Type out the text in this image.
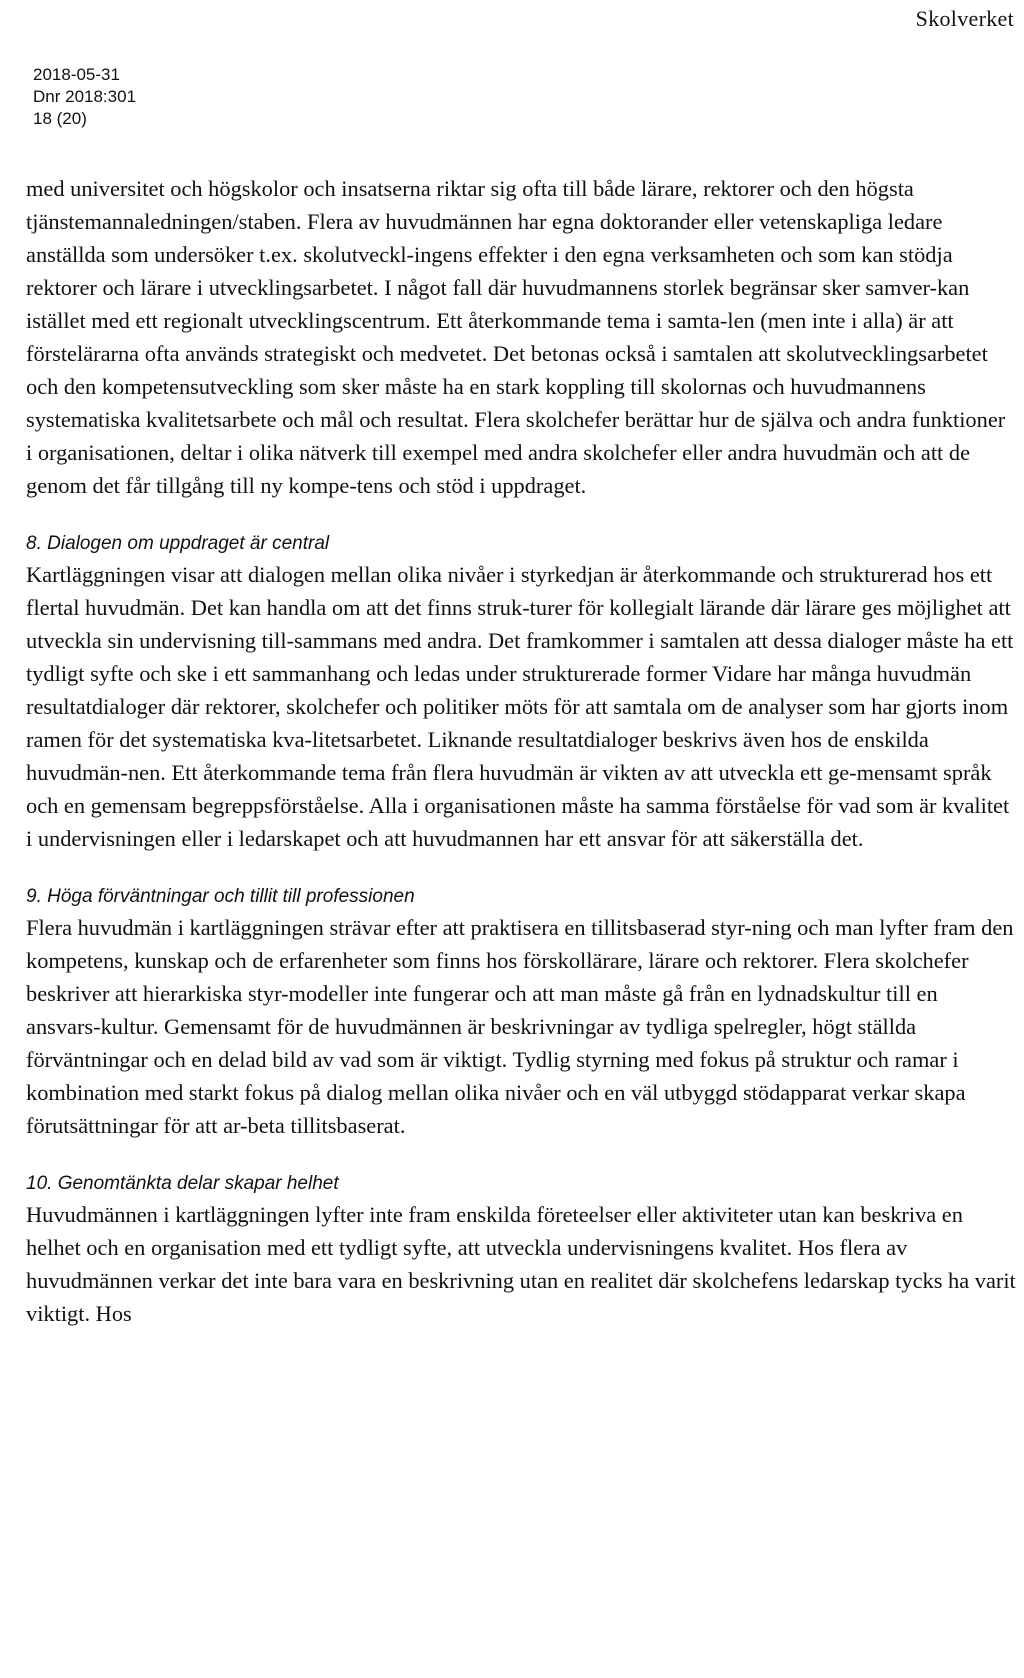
Skolverket
2018-05-31
Dnr 2018:301
18 (20)

med universitet och högskolor och insatserna riktar sig ofta till både lärare, rektorer och den högsta tjänstemannaledningen/staben. Flera av huvudmännen har egna doktorander eller vetenskapliga ledare anställda som undersöker t.ex. skolutveckl-ingens effekter i den egna verksamheten och som kan stödja rektorer och lärare i utvecklingsarbetet. I något fall där huvudmannens storlek begränsar sker samver-kan istället med ett regionalt utvecklingscentrum. Ett återkommande tema i samta-len (men inte i alla) är att förstelärarna ofta används strategiskt och medvetet. Det betonas också i samtalen att skolutvecklingsarbetet och den kompetensutveckling som sker måste ha en stark koppling till skolornas och huvudmannens systematiska kvalitetsarbete och mål och resultat. Flera skolchefer berättar hur de själva och andra funktioner i organisationen, deltar i olika nätverk till exempel med andra skolchefer eller andra huvudmän och att de genom det får tillgång till ny kompe-tens och stöd i uppdraget.

8. Dialogen om uppdraget är central

Kartläggningen visar att dialogen mellan olika nivåer i styrkedjan är återkommande och strukturerad hos ett flertal huvudmän. Det kan handla om att det finns struk-turer för kollegialt lärande där lärare ges möjlighet att utveckla sin undervisning till-sammans med andra. Det framkommer i samtalen att dessa dialoger måste ha ett tydligt syfte och ske i ett sammanhang och ledas under strukturerade former Vidare har många huvudmän resultatdialoger där rektorer, skolchefer och politiker möts för att samtala om de analyser som har gjorts inom ramen för det systematiska kva-litetsarbetet. Liknande resultatdialoger beskrivs även hos de enskilda huvudmän-nen. Ett återkommande tema från flera huvudmän är vikten av att utveckla ett ge-mensamt språk och en gemensam begreppsförståelse. Alla i organisationen måste ha samma förståelse för vad som är kvalitet i undervisningen eller i ledarskapet och att huvudmannen har ett ansvar för att säkerställa det.

9. Höga förväntningar och tillit till professionen

Flera huvudmän i kartläggningen strävar efter att praktisera en tillitsbaserad styr-ning och man lyfter fram den kompetens, kunskap och de erfarenheter som finns hos förskollärare, lärare och rektorer. Flera skolchefer beskriver att hierarkiska styr-modeller inte fungerar och att man måste gå från en lydnadskultur till en ansvars-kultur. Gemensamt för de huvudmännen är beskrivningar av tydliga spelregler, högt ställda förväntningar och en delad bild av vad som är viktigt. Tydlig styrning med fokus på struktur och ramar i kombination med starkt fokus på dialog mellan olika nivåer och en väl utbyggd stödapparat verkar skapa förutsättningar för att ar-beta tillitsbaserat.

10. Genomtänkta delar skapar helhet

Huvudmännen i kartläggningen lyfter inte fram enskilda företeelser eller aktiviteter utan kan beskriva en helhet och en organisation med ett tydligt syfte, att utveckla undervisningens kvalitet. Hos flera av huvudmännen verkar det inte bara vara en beskrivning utan en realitet där skolchefens ledarskap tycks ha varit viktigt. Hos
